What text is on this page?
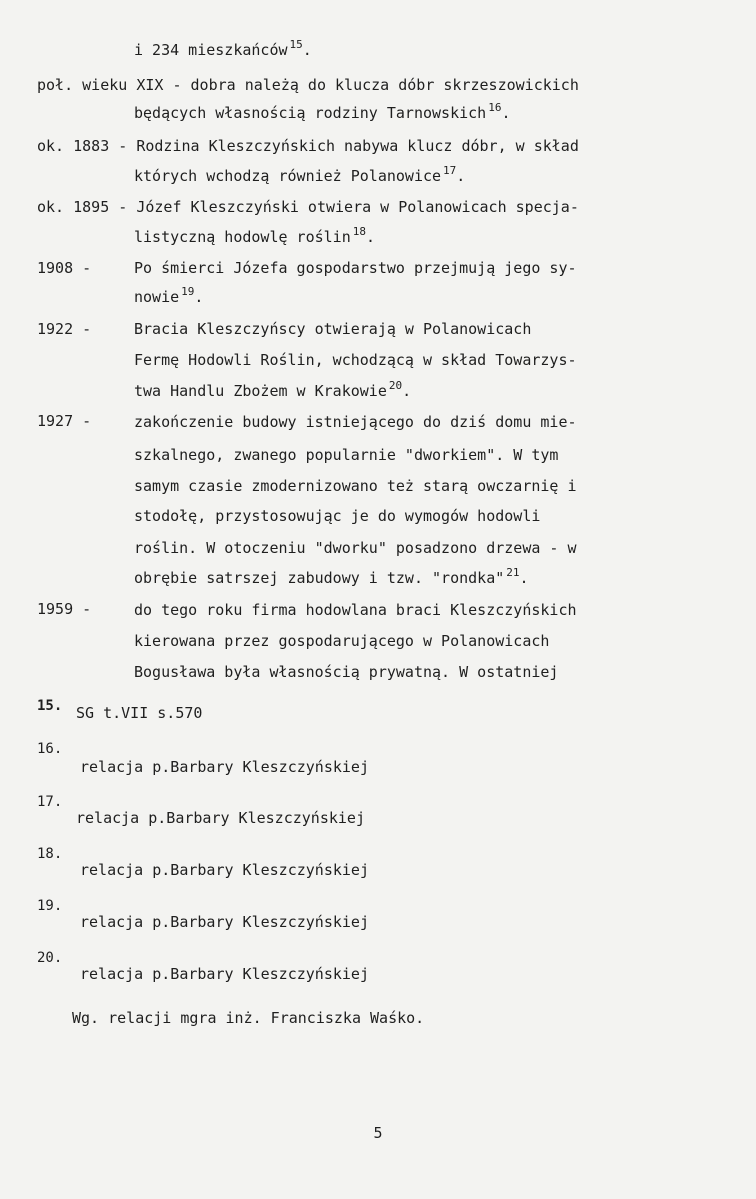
i 234 mieszkańców $^{15}$.
poł. wieku XIX - dobra należą do klucza dóbr skrzeszowickich
będących własnością rodziny Tarnowskich $^{16}$.
ok. 1883 - Rodzina Kleszczyńskich nabywa klucz dóbr, w skład
których wchodzą również Polanowice $^{17}$.
ok. 1895 - Józef Kleszczyński otwiera w Polanowicach specja-
listyczną hodowlę roślin $^{18}$.
1908 -	Po śmierci Józefa gospodarstwo przejmują jego sy-
nowie $^{19}$.
1922 -	Bracia Kleszczyńscy otwierają w Polanowicach
Fermę Hodowli Roślin, wchodzącą w skład Towarzys-
twa Handlu Zbożem w Krakowie $^{20}$.
1927 -	zakończenie budowy istniejącego do dziś domu mie-
szkalnego, zwanego popularnie "dworkiem". W tym
samym czasie zmodernizowano też starą owczarnię i
stodołę, przystosowując je do wymogów hodowli
roślin. W otoczeniu "dworku" posadzono drzewa - w
obrębie satrszej zabudowy i tzw. "rondka" $^{21}$.
1959 -	do tego roku firma hodowlana braci Kleszczyńskich
kierowana przez gospodarującego w Polanowicach
Bogusława była własnością prywatną. W ostatniej
15. SG t.VII s.570
16.
relacja p.Barbary Kleszczyńskiej
17.
relacja p.Barbary Kleszczyńskiej
18.
relacja p.Barbary Kleszczyńskiej
19.
relacja p.Barbary Kleszczyńskiej
20.
relacja p.Barbary Kleszczyńskiej
Wg. relacji mgra inż. Franciszka Waśko.
5
